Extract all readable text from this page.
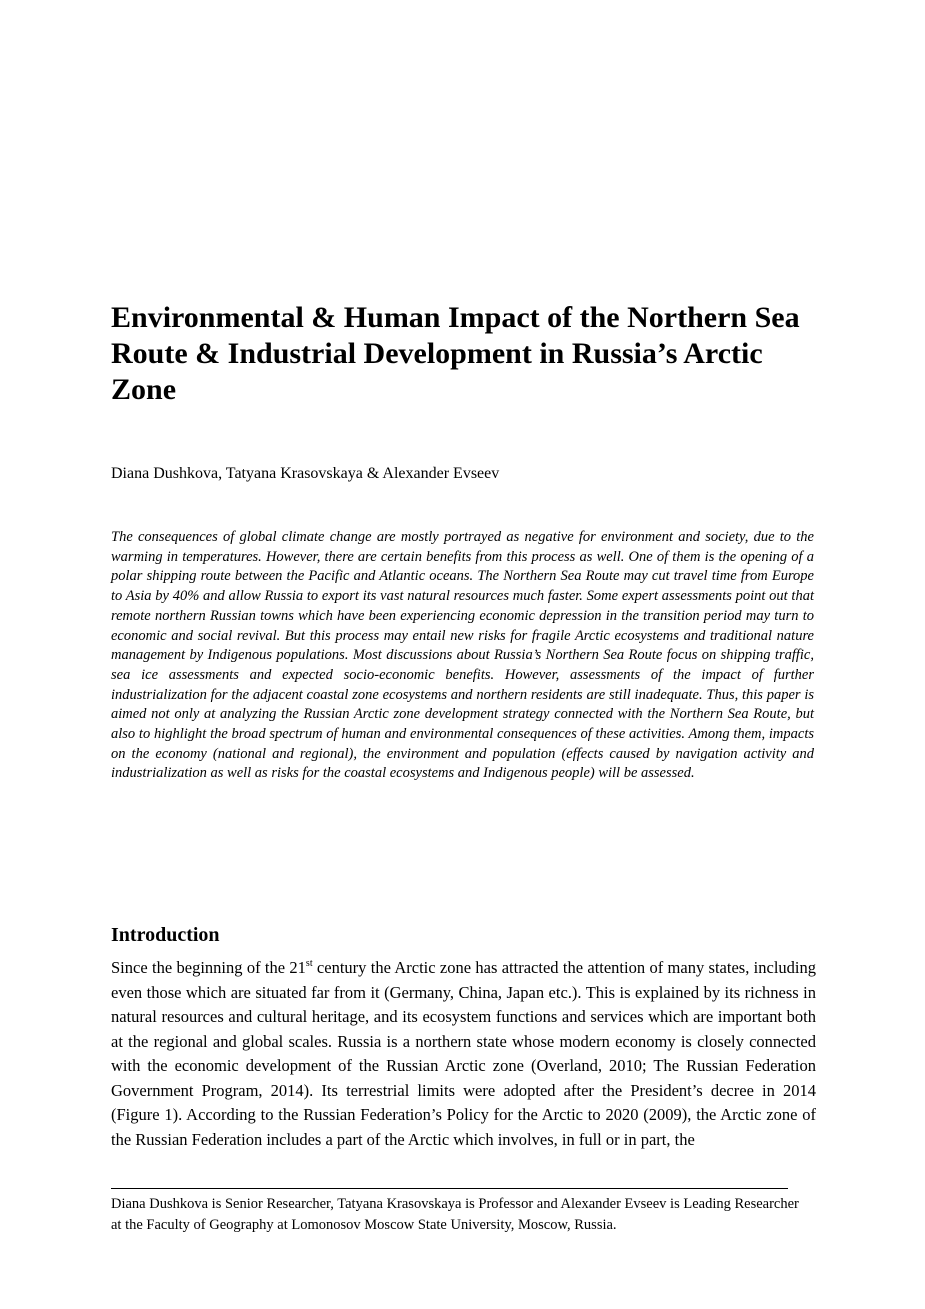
Environmental & Human Impact of the Northern Sea Route & Industrial Development in Russia’s Arctic Zone

Diana Dushkova, Tatyana Krasovskaya & Alexander Evseev

The consequences of global climate change are mostly portrayed as negative for environment and society, due to the warming in temperatures. However, there are certain benefits from this process as well. One of them is the opening of a polar shipping route between the Pacific and Atlantic oceans. The Northern Sea Route may cut travel time from Europe to Asia by 40% and allow Russia to export its vast natural resources much faster. Some expert assessments point out that remote northern Russian towns which have been experiencing economic depression in the transition period may turn to economic and social revival. But this process may entail new risks for fragile Arctic ecosystems and traditional nature management by Indigenous populations. Most discussions about Russia’s Northern Sea Route focus on shipping traffic, sea ice assessments and expected socio-economic benefits. However, assessments of the impact of further industrialization for the adjacent coastal zone ecosystems and northern residents are still inadequate. Thus, this paper is aimed not only at analyzing the Russian Arctic zone development strategy connected with the Northern Sea Route, but also to highlight the broad spectrum of human and environmental consequences of these activities. Among them, impacts on the economy (national and regional), the environment and population (effects caused by navigation activity and industrialization as well as risks for the coastal ecosystems and Indigenous people) will be assessed.

Introduction

Since the beginning of the 21st century the Arctic zone has attracted the attention of many states, including even those which are situated far from it (Germany, China, Japan etc.). This is explained by its richness in natural resources and cultural heritage, and its ecosystem functions and services which are important both at the regional and global scales. Russia is a northern state whose modern economy is closely connected with the economic development of the Russian Arctic zone (Overland, 2010; The Russian Federation Government Program, 2014). Its terrestrial limits were adopted after the President’s decree in 2014 (Figure 1). According to the Russian Federation’s Policy for the Arctic to 2020 (2009), the Arctic zone of the Russian Federation includes a part of the Arctic which involves, in full or in part, the

Diana Dushkova is Senior Researcher, Tatyana Krasovskaya is Professor and Alexander Evseev is Leading Researcher at the Faculty of Geography at Lomonosov Moscow State University, Moscow, Russia.
